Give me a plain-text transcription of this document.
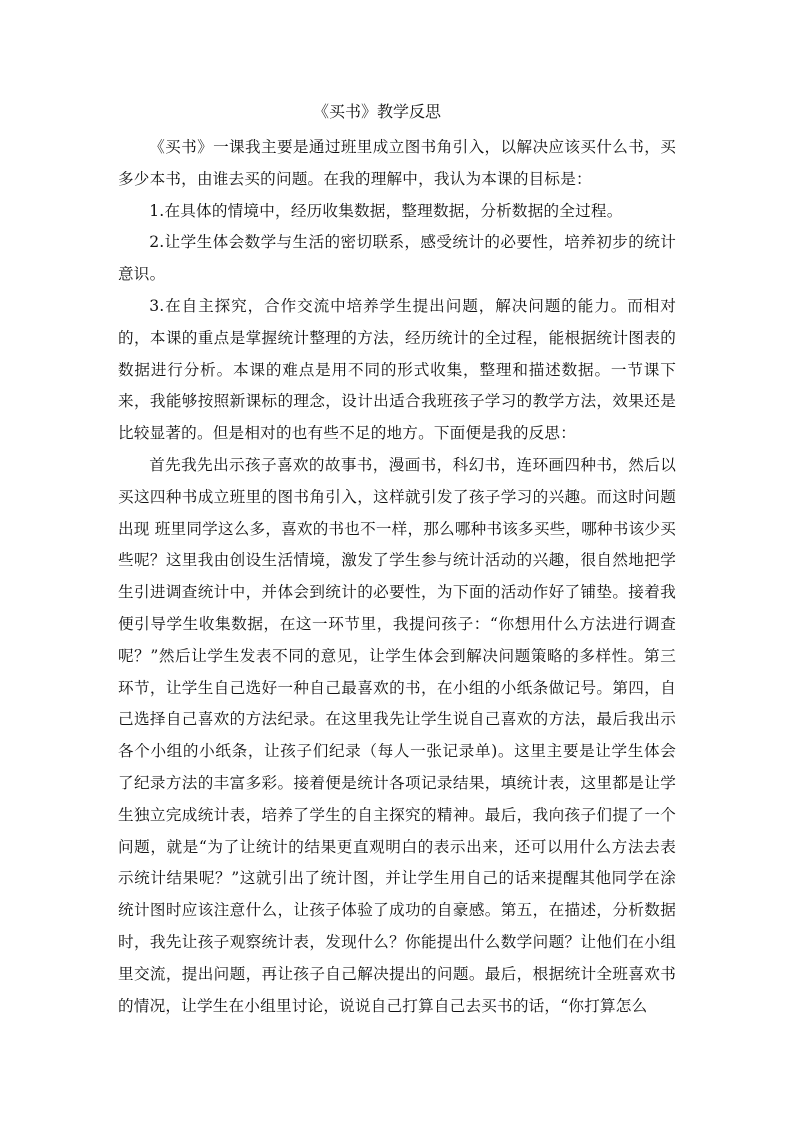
《买书》教学反思

《买书》一课我主要是通过班里成立图书角引入，以解决应该买什么书，买多少本书，由谁去买的问题。在我的理解中，我认为本课的目标是：

1.在具体的情境中，经历收集数据，整理数据，分析数据的全过程。

2.让学生体会数学与生活的密切联系，感受统计的必要性，培养初步的统计意识。

3.在自主探究，合作交流中培养学生提出问题，解决问题的能力。而相对的，本课的重点是掌握统计整理的方法，经历统计的全过程，能根据统计图表的数据进行分析。本课的难点是用不同的形式收集，整理和描述数据。一节课下来，我能够按照新课标的理念，设计出适合我班孩子学习的教学方法，效果还是比较显著的。但是相对的也有些不足的地方。下面便是我的反思：

首先我先出示孩子喜欢的故事书，漫画书，科幻书，连环画四种书，然后以买这四种书成立班里的图书角引入，这样就引发了孩子学习的兴趣。而这时问题出现 班里同学这么多，喜欢的书也不一样，那么哪种书该多买些，哪种书该少买些呢？这里我由创设生活情境，激发了学生参与统计活动的兴趣，很自然地把学生引进调查统计中，并体会到统计的必要性，为下面的活动作好了铺垫。接着我便引导学生收集数据，在这一环节里，我提问孩子：“你想用什么方法进行调查呢？”然后让学生发表不同的意见，让学生体会到解决问题策略的多样性。第三环节，让学生自己选好一种自己最喜欢的书，在小组的小纸条做记号。第四，自己选择自己喜欢的方法纪录。在这里我先让学生说自己喜欢的方法，最后我出示各个小组的小纸条，让孩子们纪录（每人一张记录单)。这里主要是让学生体会了纪录方法的丰富多彩。接着便是统计各项记录结果，填统计表，这里都是让学生独立完成统计表，培养了学生的自主探究的精神。最后，我向孩子们提了一个问题，就是“为了让统计的结果更直观明白的表示出来，还可以用什么方法去表示统计结果呢？”这就引出了统计图，并让学生用自己的话来提醒其他同学在涂统计图时应该注意什么，让孩子体验了成功的自豪感。第五，在描述，分析数据时，我先让孩子观察统计表，发现什么？你能提出什么数学问题？让他们在小组里交流，提出问题，再让孩子自己解决提出的问题。最后，根据统计全班喜欢书的情况，让学生在小组里讨论，说说自己打算自己去买书的话，“你打算怎么
